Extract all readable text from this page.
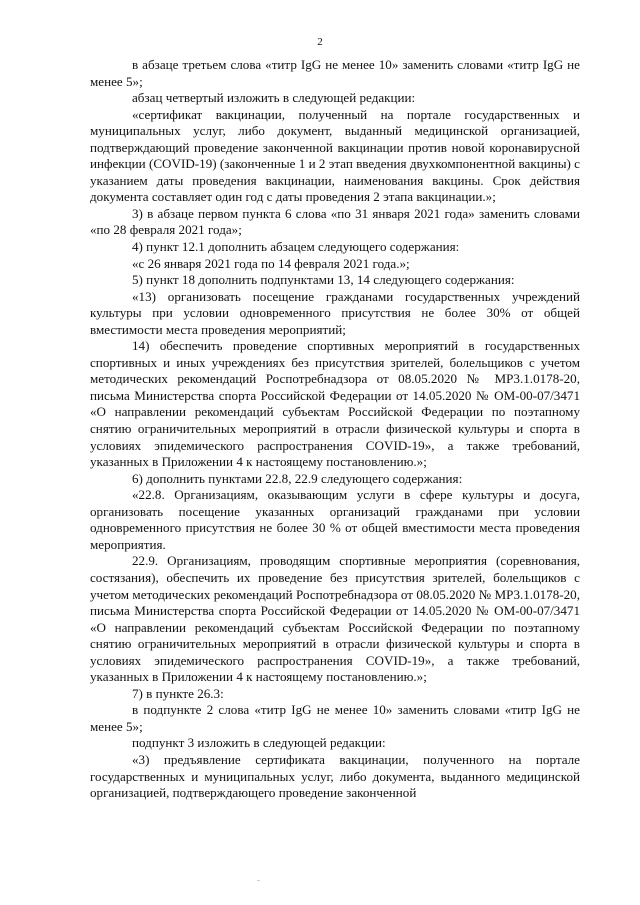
2

в абзаце третьем слова «титр IgG не менее 10» заменить словами «титр IgG не менее 5»;

абзац четвертый изложить в следующей редакции:

«сертификат вакцинации, полученный на портале государственных и муниципальных услуг, либо документ, выданный медицинской организацией, подтверждающий проведение законченной вакцинации против новой коронавирусной инфекции (COVID-19) (законченные 1 и 2 этап введения двухкомпонентной вакцины) с указанием даты проведения вакцинации, наименования вакцины. Срок действия документа составляет один год с даты проведения 2 этапа вакцинации.»;

3) в абзаце первом пункта 6 слова «по 31 января 2021 года» заменить словами «по 28 февраля 2021 года»;

4) пункт 12.1 дополнить абзацем следующего содержания:

«с 26 января 2021 года по 14 февраля 2021 года.»;

5) пункт 18 дополнить подпунктами 13, 14 следующего содержания:

«13) организовать посещение гражданами государственных учреждений культуры при условии одновременного присутствия не более 30% от общей вместимости места проведения мероприятий;

14) обеспечить проведение спортивных мероприятий в государственных спортивных и иных учреждениях без присутствия зрителей, болельщиков с учетом методических рекомендаций Роспотребнадзора от 08.05.2020 № МР3.1.0178-20, письма Министерства спорта Российской Федерации от 14.05.2020 № ОМ-00-07/3471 «О направлении рекомендаций субъектам Российской Федерации по поэтапному снятию ограничительных мероприятий в отрасли физической культуры и спорта в условиях эпидемического распространения COVID-19», а также требований, указанных в Приложении 4 к настоящему постановлению.»;

6) дополнить пунктами 22.8, 22.9 следующего содержания:

«22.8. Организациям, оказывающим услуги в сфере культуры и досуга, организовать посещение указанных организаций гражданами при условии одновременного присутствия не более 30 % от общей вместимости места проведения мероприятия.

22.9. Организациям, проводящим спортивные мероприятия (соревнования, состязания), обеспечить их проведение без присутствия зрителей, болельщиков с учетом методических рекомендаций Роспотребнадзора от 08.05.2020 № МР3.1.0178-20, письма Министерства спорта Российской Федерации от 14.05.2020 № ОМ-00-07/3471 «О направлении рекомендаций субъектам Российской Федерации по поэтапному снятию ограничительных мероприятий в отрасли физической культуры и спорта в условиях эпидемического распространения COVID-19», а также требований, указанных в Приложении 4 к настоящему постановлению.»;

7) в пункте 26.3:

в подпункте 2 слова «титр IgG не менее 10» заменить словами «титр IgG не менее 5»;

подпункт 3 изложить в следующей редакции:

«3) предъявление сертификата вакцинации, полученного на портале государственных и муниципальных услуг, либо документа, выданного медицинской организацией, подтверждающего проведение законченной
